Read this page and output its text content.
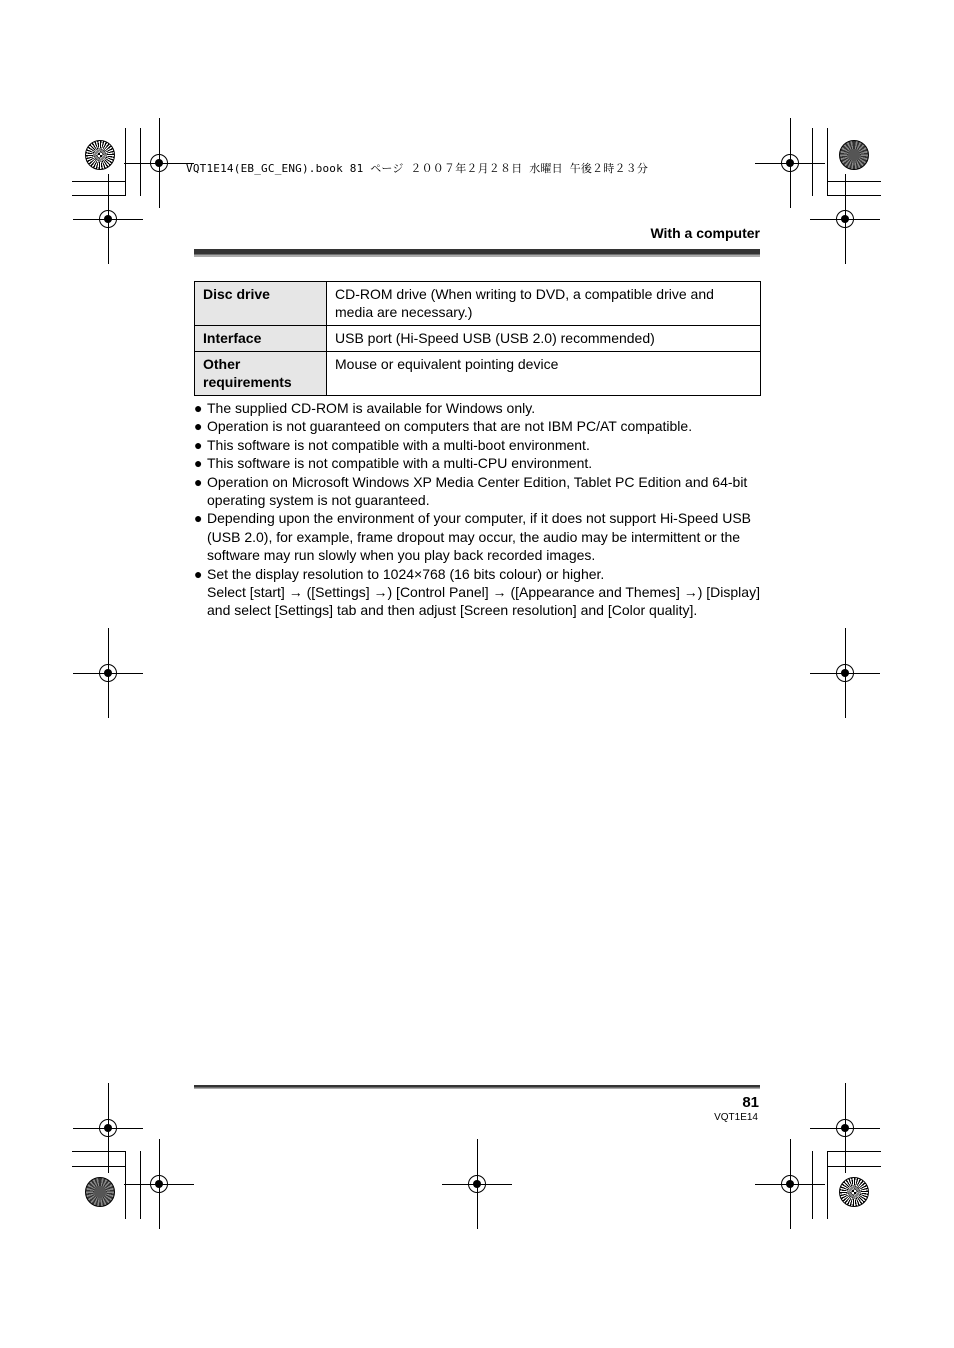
VQT1E14(EB_GC_ENG).book 81 ページ ２００７年２月２８日 水曜日 午後２時２３分
With a computer
Disc drive	CD-ROM drive (When writing to DVD, a compatible drive and media are necessary.)
Interface	USB port (Hi-Speed USB (USB 2.0) recommended)
Other requirements	Mouse or equivalent pointing device
● The supplied CD-ROM is available for Windows only.
● Operation is not guaranteed on computers that are not IBM PC/AT compatible.
● This software is not compatible with a multi-boot environment.
● This software is not compatible with a multi-CPU environment.
● Operation on Microsoft Windows XP Media Center Edition, Tablet PC Edition and 64-bit operating system is not guaranteed.
● Depending upon the environment of your computer, if it does not support Hi-Speed USB (USB 2.0), for example, frame dropout may occur, the audio may be intermittent or the software may run slowly when you play back recorded images.
● Set the display resolution to 1024×768 (16 bits colour) or higher.
Select [start] → ([Settings] →) [Control Panel] → ([Appearance and Themes] →) [Display] and select [Settings] tab and then adjust [Screen resolution] and [Color quality].
81
VQT1E14
